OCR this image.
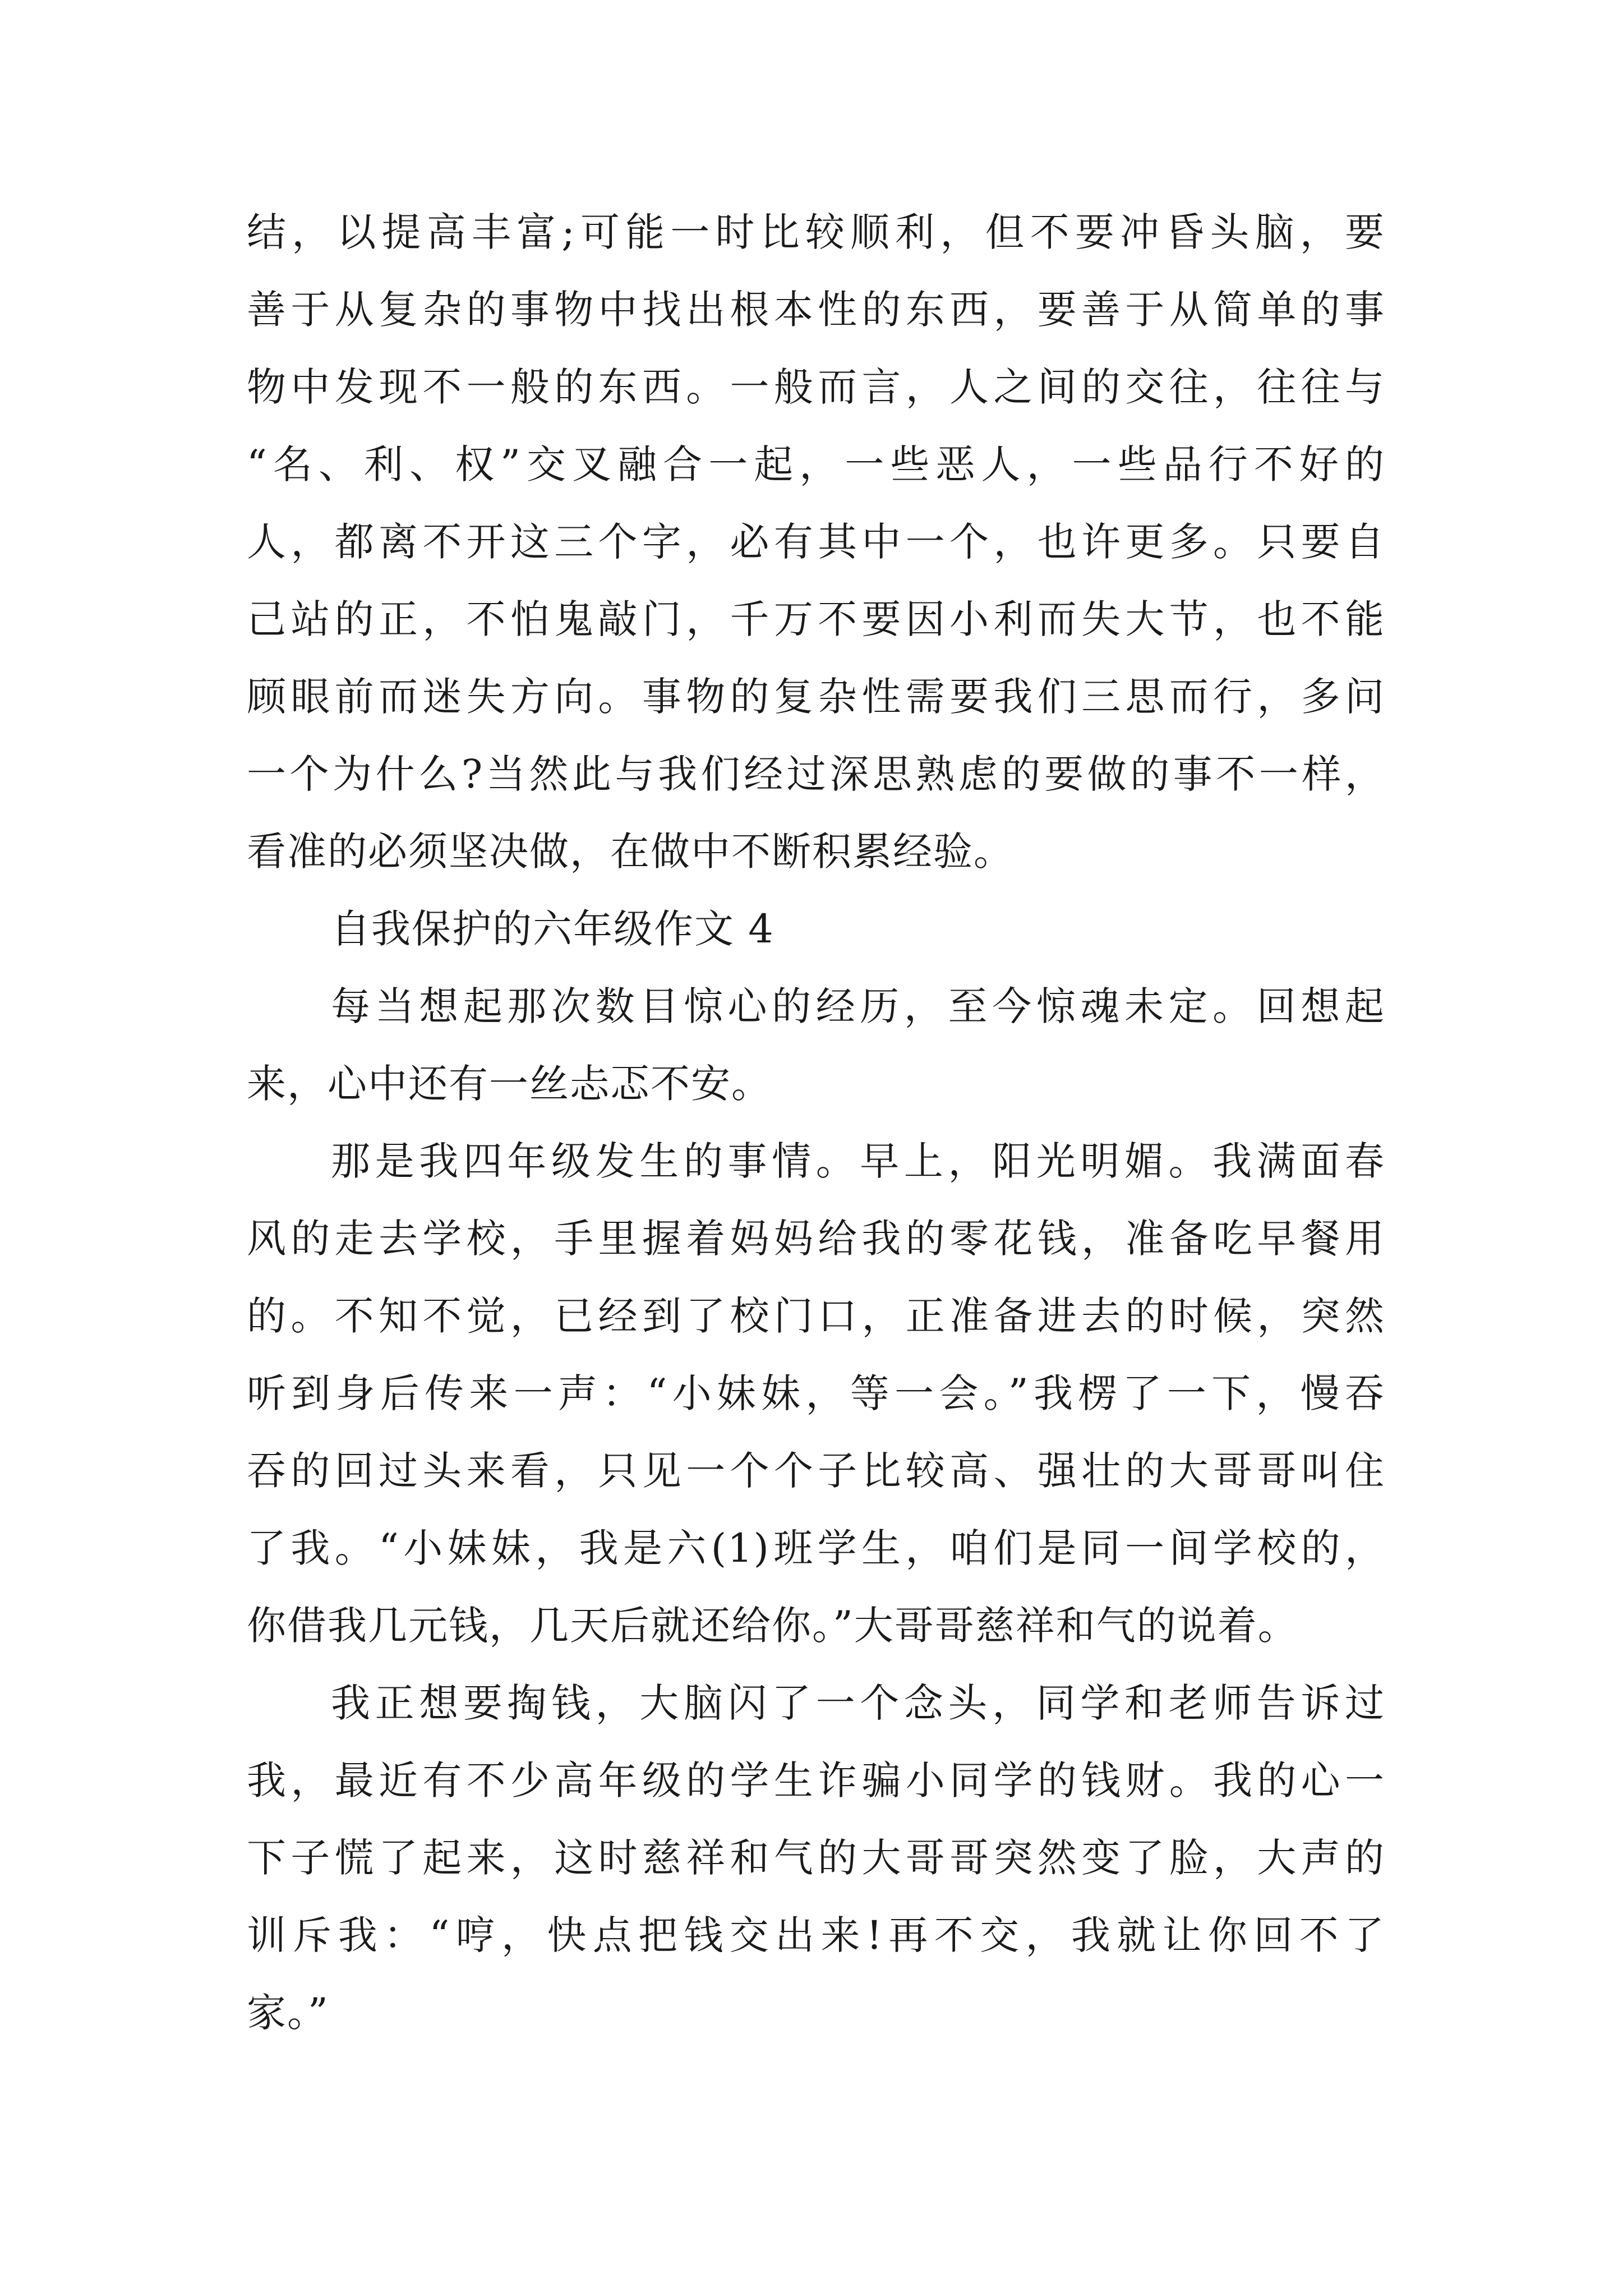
结，以提高丰富;可能一时比较顺利，但不要冲昏头脑，要
善于从复杂的事物中找出根本性的东西，要善于从简单的事
物中发现不一般的东西。一般而言，人之间的交往，往往与
“名、利、权”交叉融合一起，一些恶人，一些品行不好的
人，都离不开这三个字，必有其中一个，也许更多。只要自
己站的正，不怕鬼敲门，千万不要因小利而失大节，也不能
顾眼前而迷失方向。事物的复杂性需要我们三思而行，多问
一个为什么?当然此与我们经过深思熟虑的要做的事不一样，
看准的必须坚决做，在做中不断积累经验。
自我保护的六年级作文 4
每当想起那次数目惊心的经历，至今惊魂未定。回想起
来，心中还有一丝忐忑不安。
那是我四年级发生的事情。早上，阳光明媚。我满面春
风的走去学校，手里握着妈妈给我的零花钱，准备吃早餐用
的。不知不觉，已经到了校门口，正准备进去的时候，突然
听到身后传来一声：“小妹妹，等一会。”我楞了一下，慢吞
吞的回过头来看，只见一个个子比较高、强壮的大哥哥叫住
了我。“小妹妹，我是六(1)班学生，咱们是同一间学校的，
你借我几元钱，几天后就还给你。”大哥哥慈祥和气的说着。
我正想要掏钱，大脑闪了一个念头，同学和老师告诉过
我，最近有不少高年级的学生诈骗小同学的钱财。我的心一
下子慌了起来，这时慈祥和气的大哥哥突然变了脸，大声的
训斥我：“哼，快点把钱交出来!再不交，我就让你回不了
家。”
